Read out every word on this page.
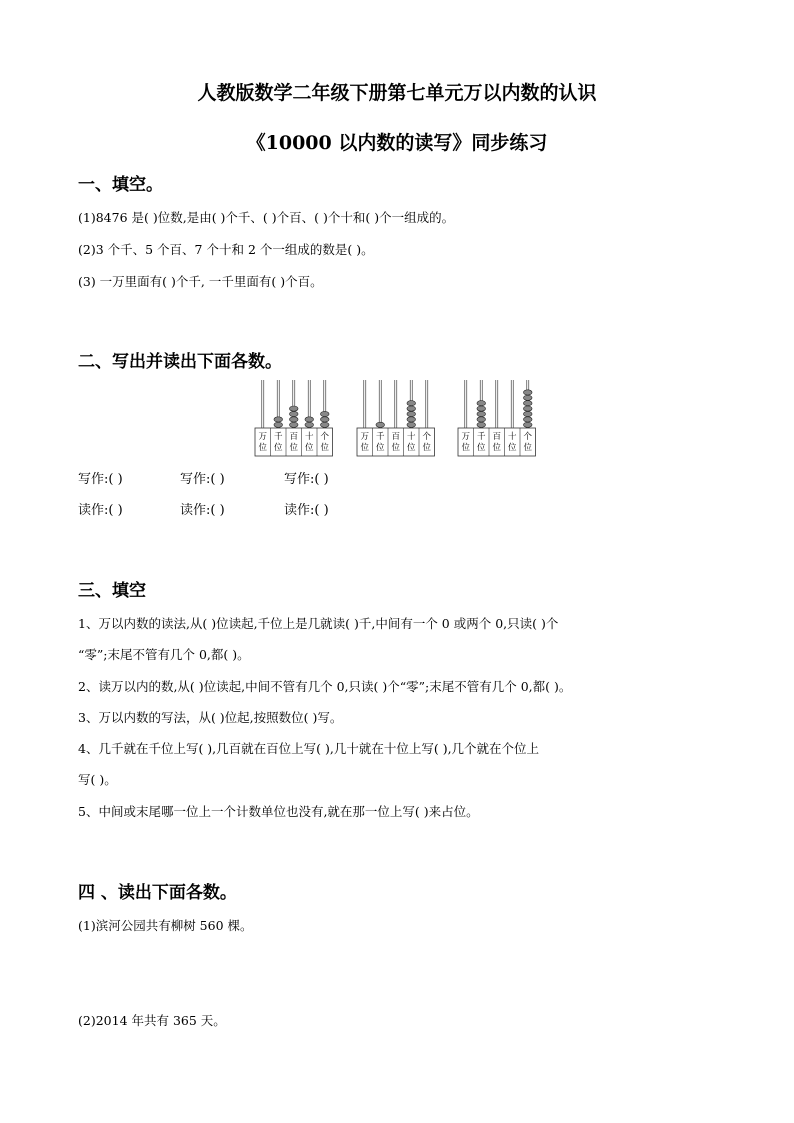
人教版数学二年级下册第七单元万以内数的认识
《10000 以内数的读写》同步练习
一、填空。
(1)8476 是( )位数,是由( )个千、( )个百、( )个十和( )个一组成的。
(2)3 个千、5 个百、7 个十和 2 个一组成的数是( )。
(3) 一万里面有( )个千, 一千里面有( )个百。
二、写出并读出下面各数。
万
位
千
位
百
位
十
位
个
位
万
位
千
位
百
位
十
位
个
位
万
位
千
位
百
位
十
位
个
位
写作:( )	写作:( )	写作:( )
读作:( )	读作:( )	读作:( )
三、填空
1、万以内数的读法,从( )位读起,千位上是几就读( )千,中间有一个 0 或两个 0,只读( )个
“零”;末尾不管有几个 0,都( )。
2、读万以内的数,从( )位读起,中间不管有几个 0,只读( )个“零”;末尾不管有几个 0,都( )。
3、万以内数的写法，从( )位起,按照数位( )写。
4、几千就在千位上写( ),几百就在百位上写( ),几十就在十位上写( ),几个就在个位上
写( )。
5、中间或末尾哪一位上一个计数单位也没有,就在那一位上写( )来占位。
四 、读出下面各数。
(1)滨河公园共有柳树 560 棵。
(2)2014 年共有 365 天。
